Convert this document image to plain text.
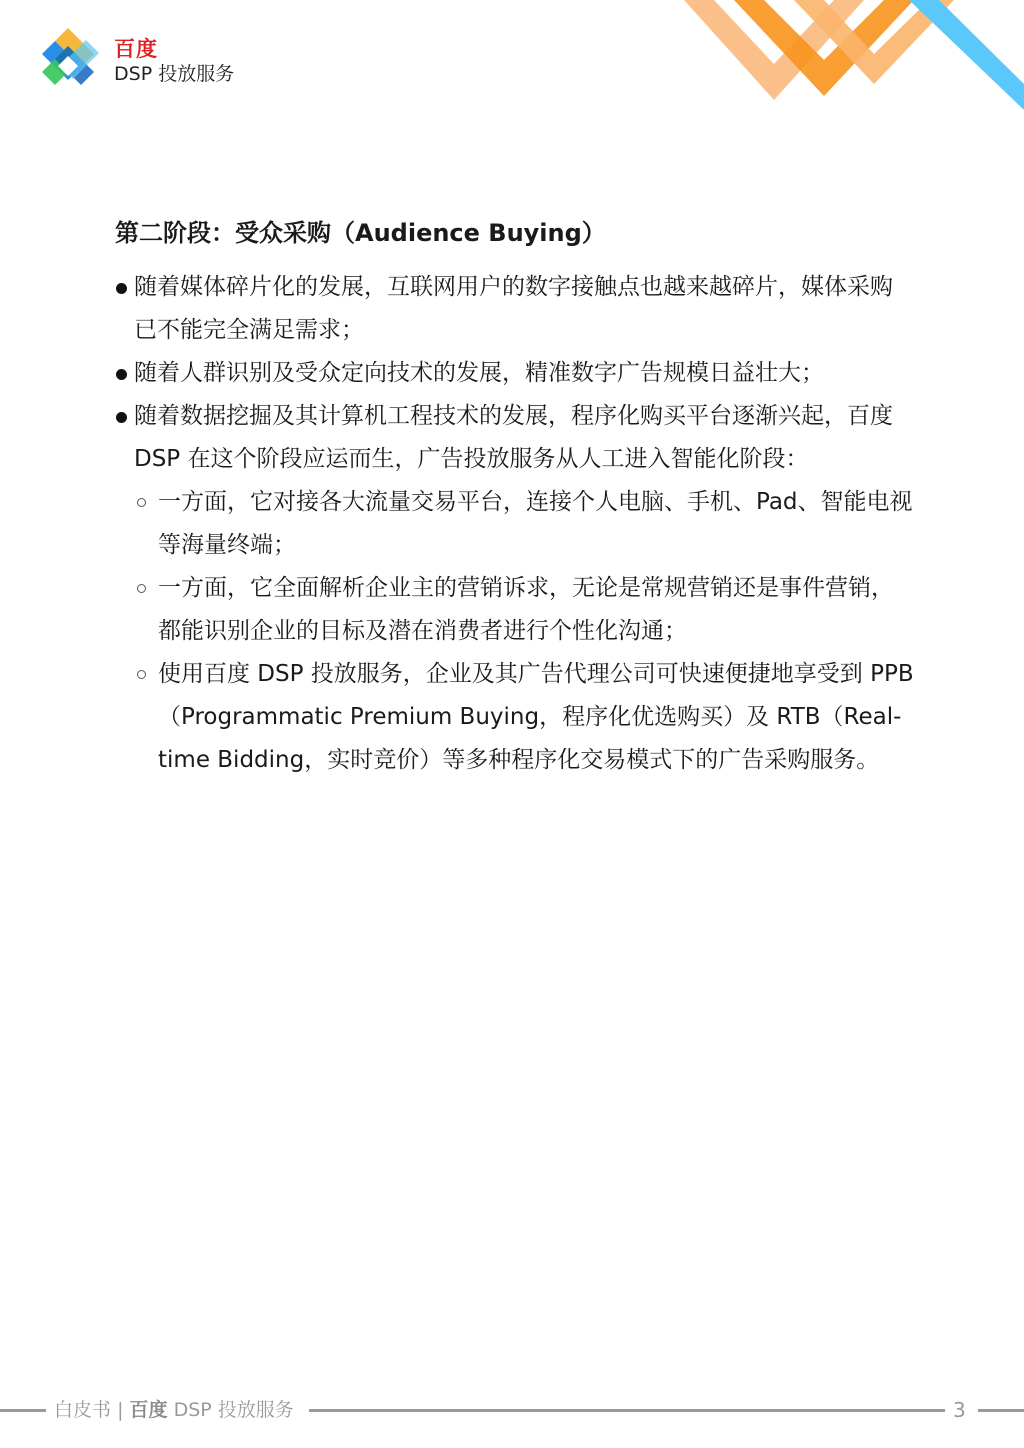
百度
DSP 投放服务
第二阶段：受众采购（Audience Buying）
随着媒体碎片化的发展，互联网用户的数字接触点也越来越碎片，媒体采购已不能完全满足需求；
随着人群识别及受众定向技术的发展，精准数字广告规模日益壮大；
随着数据挖掘及其计算机工程技术的发展，程序化购买平台逐渐兴起，百度 DSP 在这个阶段应运而生，广告投放服务从人工进入智能化阶段：
一方面，它对接各大流量交易平台，连接个人电脑、手机、Pad、智能电视等海量终端；
一方面，它全面解析企业主的营销诉求，无论是常规营销还是事件营销，都能识别企业的目标及潜在消费者进行个性化沟通；
使用百度 DSP 投放服务，企业及其广告代理公司可快速便捷地享受到 PPB（Programmatic Premium Buying，程序化优选购买）及 RTB（Real-time Bidding，实时竞价）等多种程序化交易模式下的广告采购服务。
白皮书 | 百度 DSP 投放服务	3
